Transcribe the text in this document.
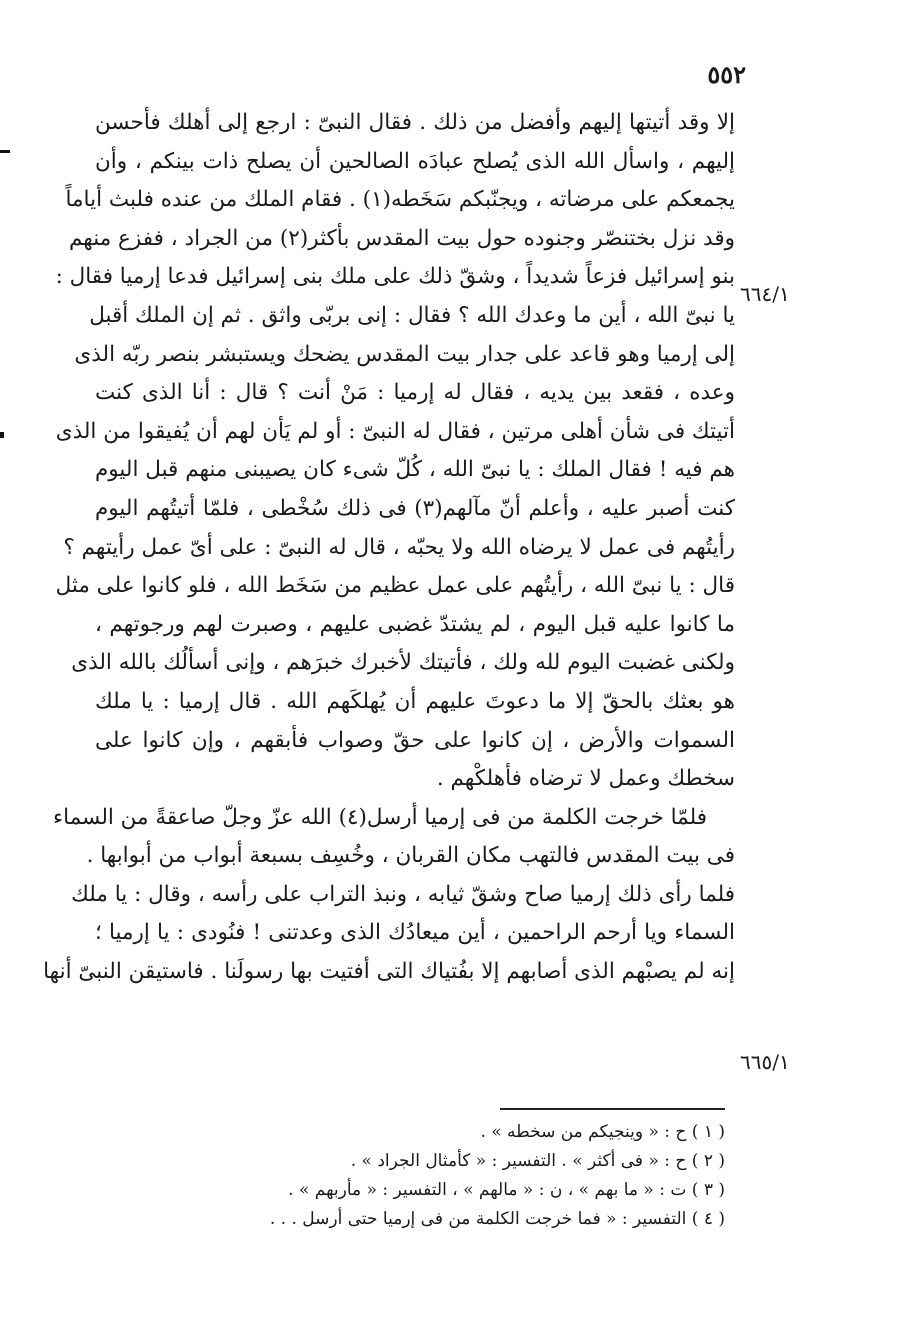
٥٥٢
٦٦٤/١
٦٦٥/١
إلا وقد أتيتها إليهم وأفضل من ذلك . فقال النبىّ : ارجع إلى أهلك فأحسن
إليهم ، واسأل الله الذى يُصلح عبادَه الصالحين أن يصلح ذات بينكم ، وأن
يجمعكم على مرضاته ، ويجنّبكم سَخَطه(١) . فقام الملك من عنده فلبث أياماً
وقد نزل بختنصّر وجنوده حول بيت المقدس بأكثر(٢) من الجراد ، ففزع منهم
بنو إسرائيل فزعاً شديداً ، وشقّ ذلك على ملك بنى إسرائيل فدعا إرميا فقال :
يا نبىّ الله ، أين ما وعدك الله ؟ فقال : إنى بربّى واثق . ثم إن الملك أقبل
إلى إرميا وهو قاعد على جدار بيت المقدس يضحك ويستبشر بنصر ربّه الذى
وعده ، فقعد بين يديه ، فقال له إرميا : مَنْ أنت ؟ قال : أنا الذى كنت
أتيتك فى شأن أهلى مرتين ، فقال له النبىّ : أو لم يَأن لهم أن يُفيقوا من الذى
هم فيه ! فقال الملك : يا نبىّ الله ، كُلّ شىء كان يصيبنى منهم قبل اليوم
كنت أصبر عليه ، وأعلم أنّ مآلهم(٣) فى ذلك سُخْطى ، فلمّا أتيتُهم اليوم
رأيتُهم فى عمل لا يرضاه الله ولا يحبّه ، قال له النبىّ : على أىّ عمل رأيتهم ؟
قال : يا نبىّ الله ، رأيتُهم على عمل عظيم من سَخَط الله ، فلو كانوا على مثل
ما كانوا عليه قبل اليوم ، لم يشتدّ غضبى عليهم ، وصبرت لهم ورجوتهم ،
ولكنى غضبت اليوم لله ولك ، فأتيتك لأخبرك خبرَهم ، وإنى أسألُك بالله الذى
هو بعثك بالحقّ إلا ما دعوتَ عليهم أن يُهلكَهم الله . قال إرميا : يا ملك
السموات والأرض ، إن كانوا على حقّ وصواب فأبقهم ، وإن كانوا على
سخطك وعمل لا ترضاه فأهلكْهم .
فلمّا خرجت الكلمة من فى إرميا أرسل(٤) الله عزّ وجلّ صاعقةً من السماء
فى بيت المقدس فالتهب مكان القربان ، وخُسِف بسبعة أبواب من أبوابها .
فلما رأى ذلك إرميا صاح وشقّ ثيابه ، ونبذ التراب على رأسه ، وقال : يا ملك
السماء ويا أرحم الراحمين ، أين ميعادُك الذى وعدتنى ! فنُودى : يا إرميا ؛
إنه لم يصبْهم الذى أصابهم إلا بفُتياك التى أفتيت بها رسولَنا . فاستيقن النبىّ أنها
( ١ ) ح : « وينجيكم من سخطه » .
( ٢ ) ح : « فى أكثر » . التفسير : « كأمثال الجراد » .
( ٣ ) ت : « ما بهم » ، ن : « مالهم » ، التفسير : « مأربهم » .
( ٤ ) التفسير : « فما خرجت الكلمة من فى إرميا حتى أرسل . . .
